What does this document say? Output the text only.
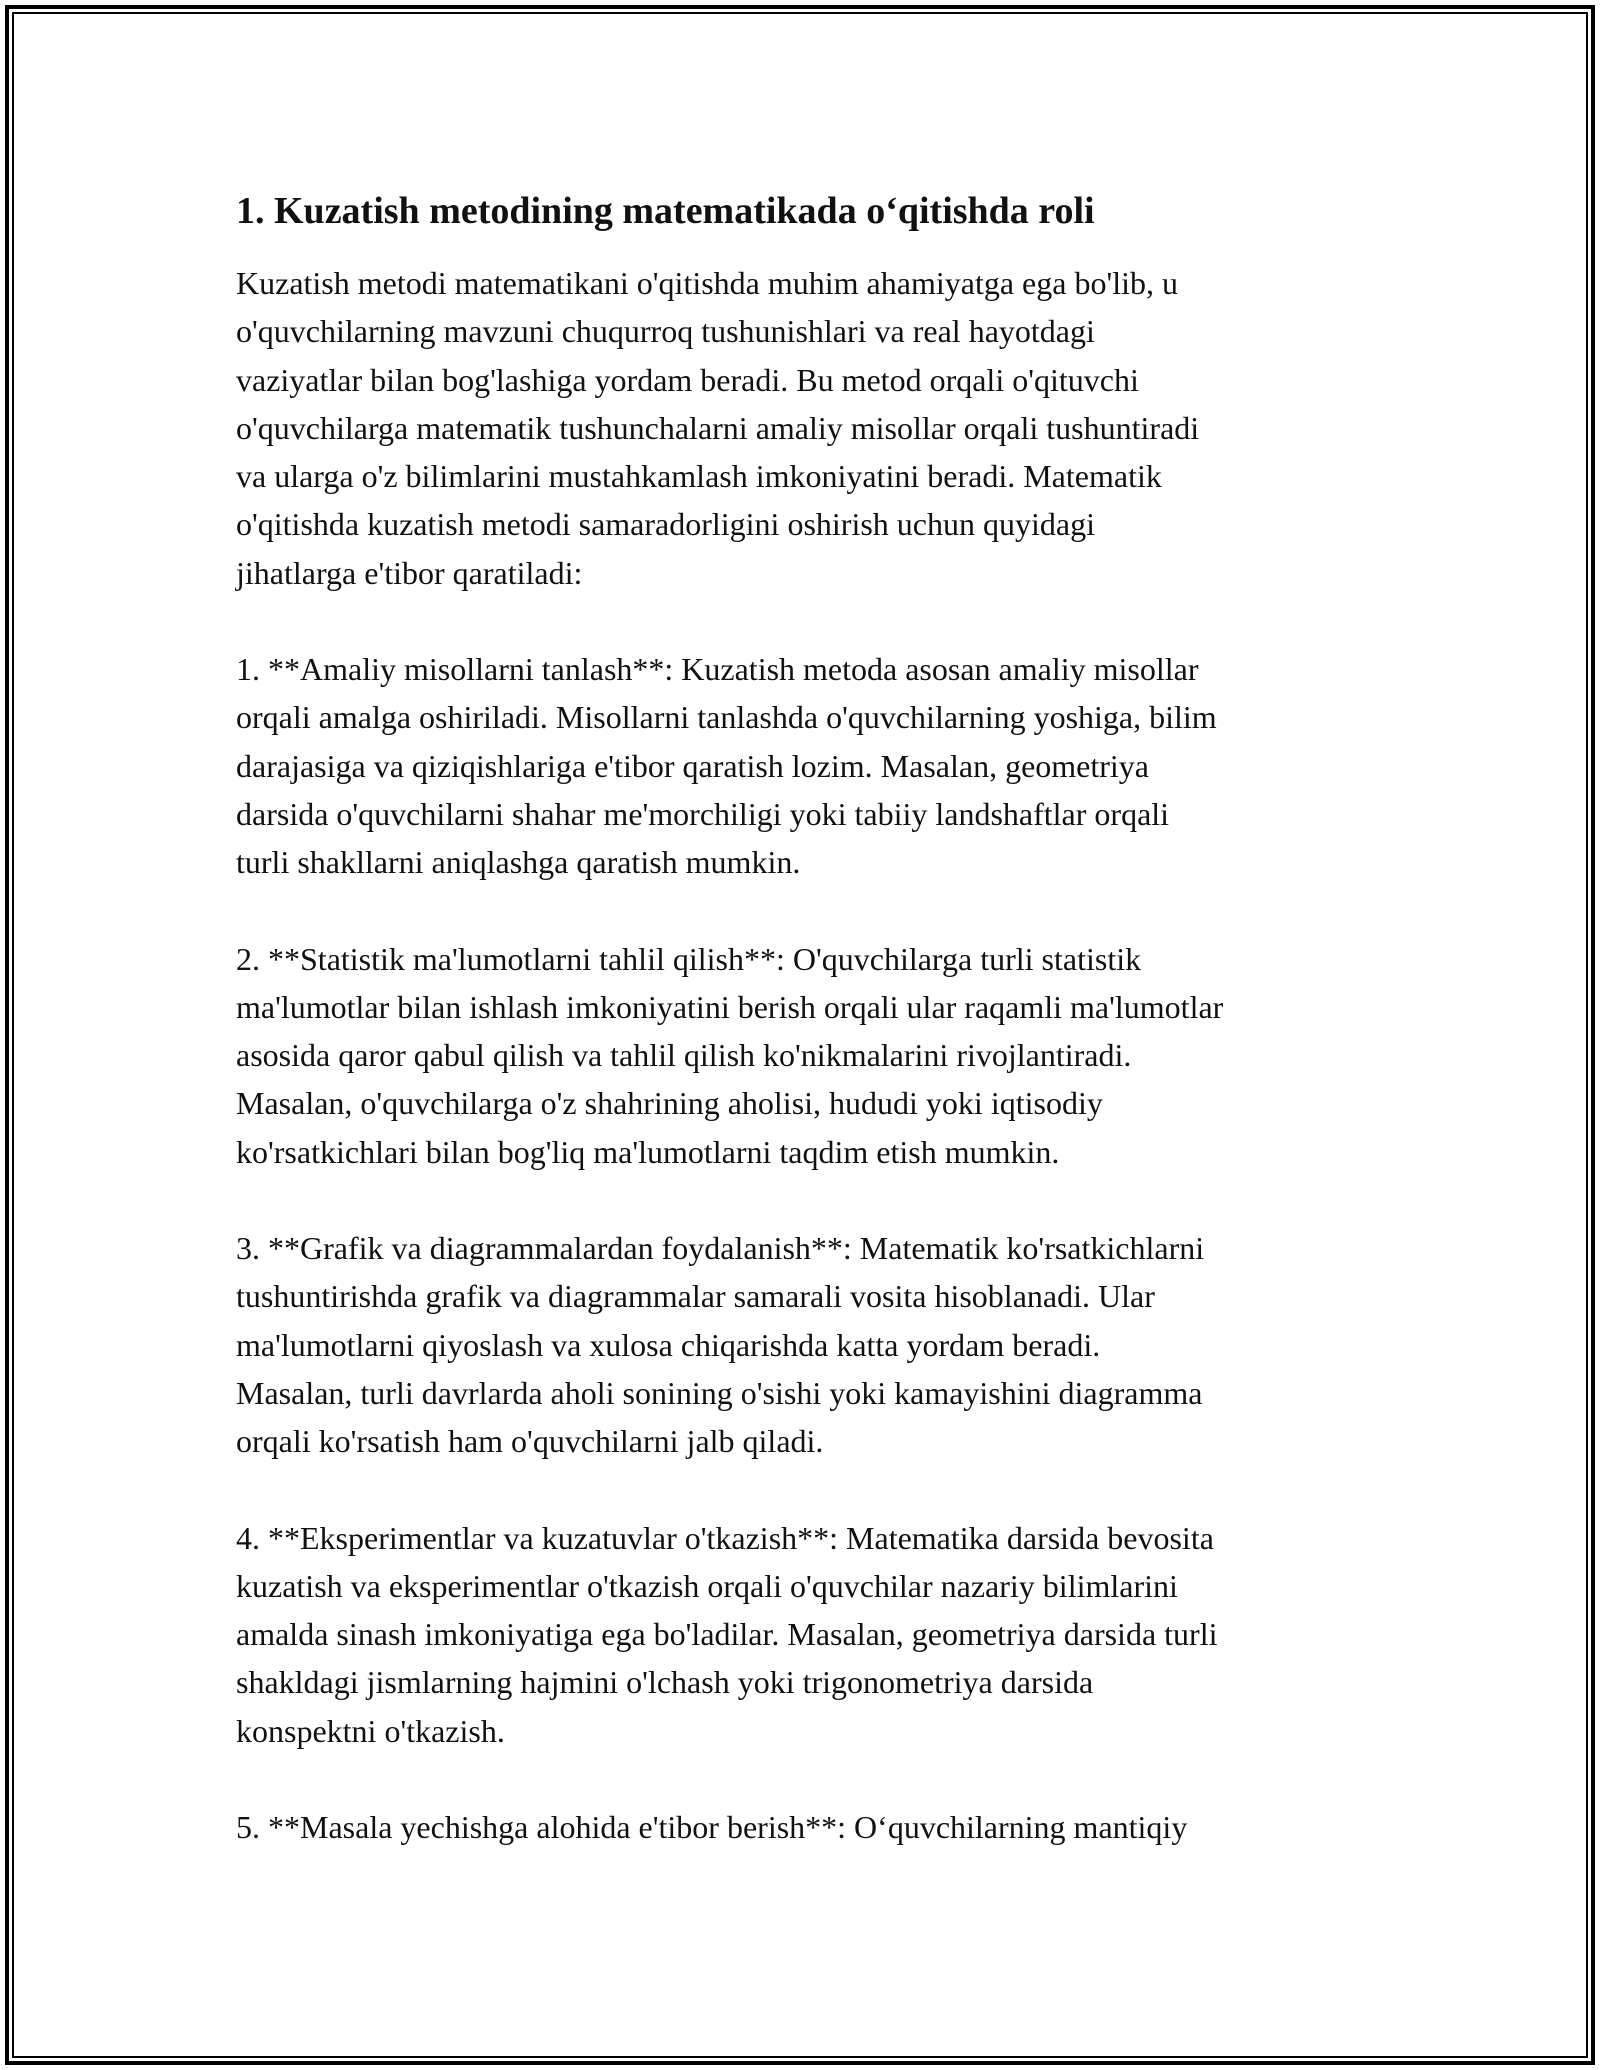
1. Kuzatish metodining matematikada o‘qitishda roli

Kuzatish metodi matematikani o'qitishda muhim ahamiyatga ega bo'lib, u
o'quvchilarning mavzuni chuqurroq tushunishlari va real hayotdagi
vaziyatlar bilan bog'lashiga yordam beradi. Bu metod orqali o'qituvchi
o'quvchilarga matematik tushunchalarni amaliy misollar orqali tushuntiradi
va ularga o'z bilimlarini mustahkamlash imkoniyatini beradi. Matematik
o'qitishda kuzatish metodi samaradorligini oshirish uchun quyidagi
jihatlarga e'tibor qaratiladi:

1. **Amaliy misollarni tanlash**: Kuzatish metoda asosan amaliy misollar
orqali amalga oshiriladi. Misollarni tanlashda o'quvchilarning yoshiga, bilim
darajasiga va qiziqishlariga e'tibor qaratish lozim. Masalan, geometriya
darsida o'quvchilarni shahar me'morchiligi yoki tabiiy landshaftlar orqali
turli shakllarni aniqlashga qaratish mumkin.

2. **Statistik ma'lumotlarni tahlil qilish**: O'quvchilarga turli statistik
ma'lumotlar bilan ishlash imkoniyatini berish orqali ular raqamli ma'lumotlar
asosida qaror qabul qilish va tahlil qilish ko'nikmalarini rivojlantiradi.
Masalan, o'quvchilarga o'z shahrining aholisi, hududi yoki iqtisodiy
ko'rsatkichlari bilan bog'liq ma'lumotlarni taqdim etish mumkin.

3. **Grafik va diagrammalardan foydalanish**: Matematik ko'rsatkichlarni
tushuntirishda grafik va diagrammalar samarali vosita hisoblanadi. Ular
ma'lumotlarni qiyoslash va xulosa chiqarishda katta yordam beradi.
Masalan, turli davrlarda aholi sonining o'sishi yoki kamayishini diagramma
orqali ko'rsatish ham o'quvchilarni jalb qiladi.

4. **Eksperimentlar va kuzatuvlar o'tkazish**: Matematika darsida bevosita
kuzatish va eksperimentlar o'tkazish orqali o'quvchilar nazariy bilimlarini
amalda sinash imkoniyatiga ega bo'ladilar. Masalan, geometriya darsida turli
shakldagi jismlarning hajmini o'lchash yoki trigonometriya darsida
konspektni o'tkazish.

5. **Masala yechishga alohida e'tibor berish**: O‘quvchilarning mantiqiy
